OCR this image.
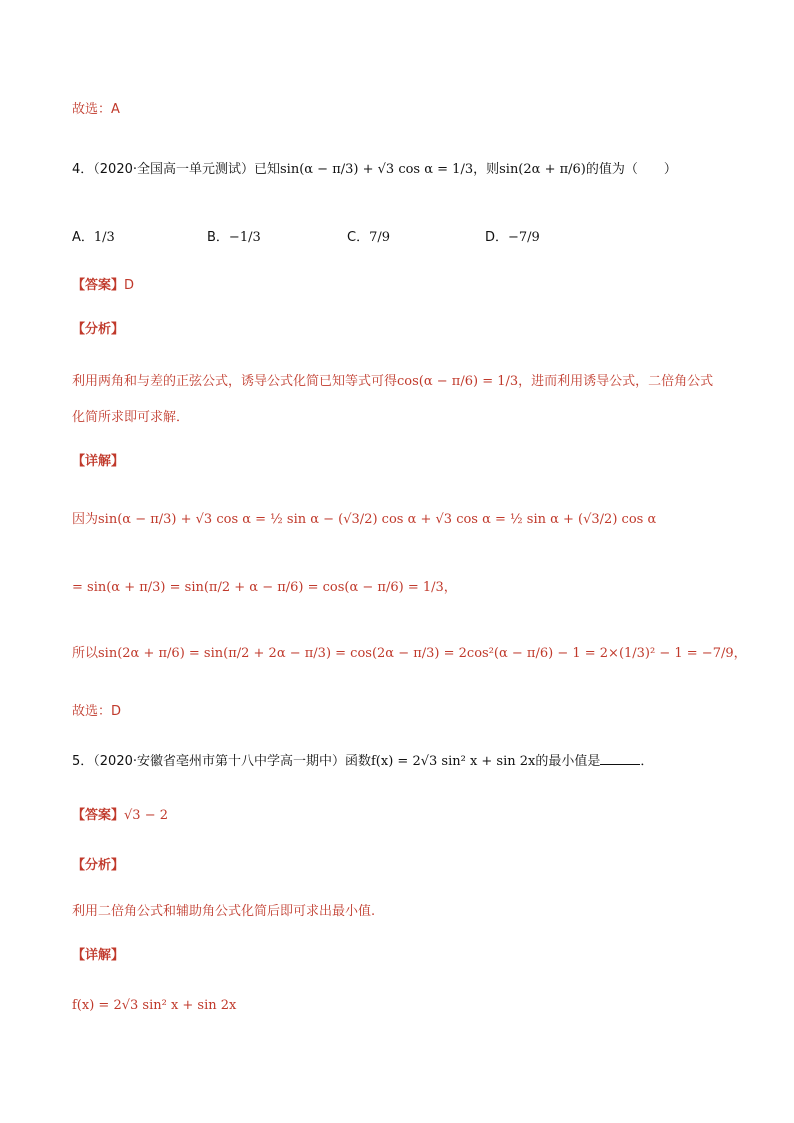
故选：A
4．（2020·全国高一单元测试）已知sin(α − π/3) + √3 cos α = 1/3，则sin(2α + π/6)的值为（　　）
A．1/3	B．−1/3	C．7/9	D．−7/9
【答案】D
【分析】
利用两角和与差的正弦公式，诱导公式化简已知等式可得cos(α − π/6) = 1/3，进而利用诱导公式，二倍角公式
化简所求即可求解．
【详解】
因为sin(α − π/3) + √3 cos α = ½ sin α − (√3/2) cos α + √3 cos α = ½ sin α + (√3/2) cos α
= sin(α + π/3) = sin(π/2 + α − π/6) = cos(α − π/6) = 1/3，
所以sin(2α + π/6) = sin(π/2 + 2α − π/3) = cos(2α − π/3) = 2cos²(α − π/6) − 1 = 2×(1/3)² − 1 = −7/9，
故选：D
5．（2020·安徽省亳州市第十八中学高一期中）函数f(x) = 2√3 sin² x + sin 2x的最小值是	．
【答案】√3 − 2
【分析】
利用二倍角公式和辅助角公式化简后即可求出最小值.
【详解】
f(x) = 2√3 sin² x + sin 2x
